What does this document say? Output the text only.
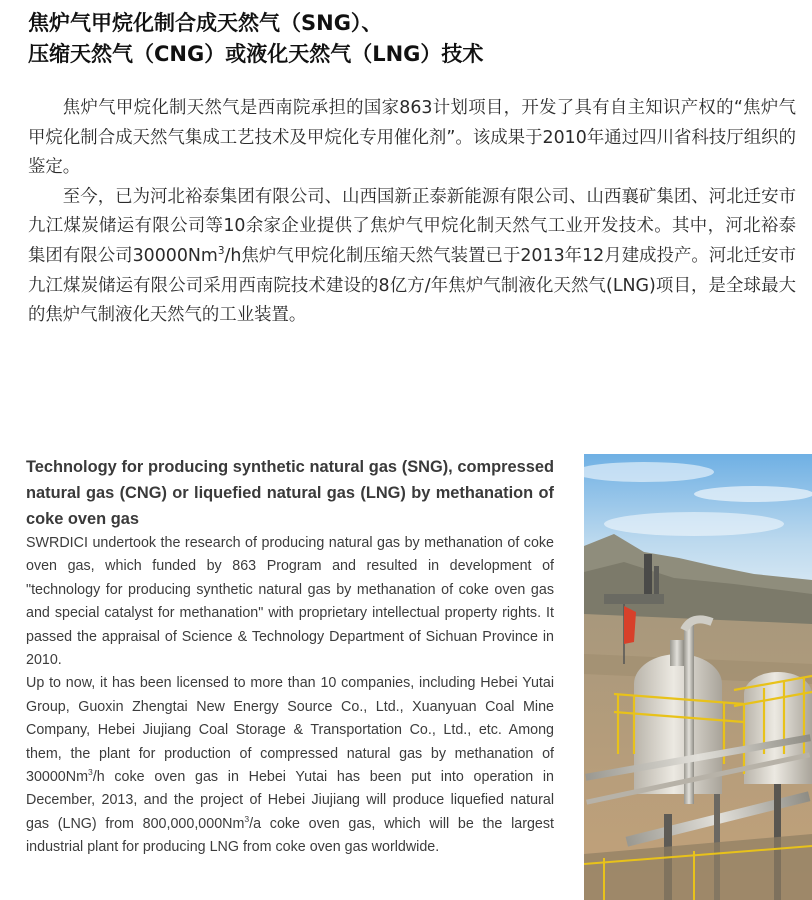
焦炉气甲烷化制合成天然气（SNG）、
压缩天然气（CNG）或液化天然气（LNG）技术

焦炉气甲烷化制天然气是西南院承担的国家863计划项目，开发了具有自主知识产权的“焦炉气甲烷化制合成天然气集成工艺技术及甲烷化专用催化剂”。该成果于2010年通过四川省科技厅组织的鉴定。

至今，已为河北裕泰集团有限公司、山西国新正泰新能源有限公司、山西襄矿集团、河北迁安市九江煤炭储运有限公司等10余家企业提供了焦炉气甲烷化制天然气工业开发技术。其中，河北裕泰集团有限公司30000Nm$^3$/h焦炉气甲烷化制压缩天然气装置已于2013年12月建成投产。河北迁安市九江煤炭储运有限公司采用西南院技术建设的8亿方/年焦炉气制液化天然气(LNG)项目，是全球最大的焦炉气制液化天然气的工业装置。

Technology for producing synthetic natural gas (SNG), compressed natural gas (CNG) or liquefied natural gas (LNG) by methanation of coke oven gas

SWRDICI undertook the research of producing natural gas by methanation of coke oven gas, which funded by 863 Program and resulted in development of "technology for producing synthetic natural gas by methanation of coke oven gas and special catalyst for methanation" with proprietary intellectual property rights. It passed the appraisal of Science & Technology Department of Sichuan Province in 2010.

Up to now, it has been licensed to more than 10 companies, including Hebei Yutai Group, Guoxin Zhengtai New Energy Source Co., Ltd., Xuanyuan Coal Mine Company, Hebei Jiujiang Coal Storage & Transportation Co., Ltd., etc. Among them, the plant for production of compressed natural gas by methanation of 30000Nm$^3$/h coke oven gas in Hebei Yutai has been put into operation in December, 2013, and the project of Hebei Jiujiang will produce liquefied natural gas (LNG) from 800,000,000Nm$^3$/a coke oven gas, which will be the largest industrial plant for producing LNG from coke oven gas worldwide.
